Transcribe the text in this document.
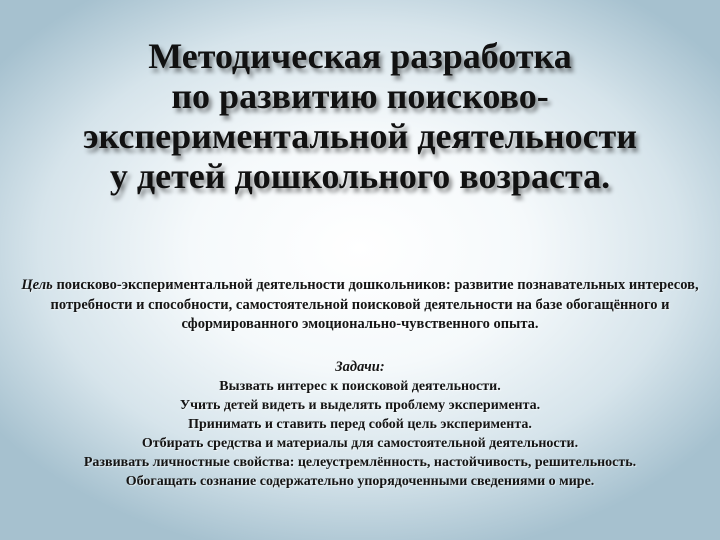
Методическая разработка
по развитию поисково-
экспериментальной деятельности
у детей дошкольного возраста.
Цель поисково-экспериментальной деятельности дошкольников: развитие познавательных интересов, потребности и способности, самостоятельной поисковой деятельности на базе обогащённого и сформированного эмоционально-чувственного опыта.
Задачи:
Вызвать интерес к поисковой деятельности.
Учить детей видеть и выделять проблему эксперимента.
Принимать и ставить перед собой цель эксперимента.
Отбирать средства и материалы для самостоятельной деятельности.
Развивать личностные свойства: целеустремлённость, настойчивость, решительность.
Обогащать сознание содержательно упорядоченными сведениями о мире.
